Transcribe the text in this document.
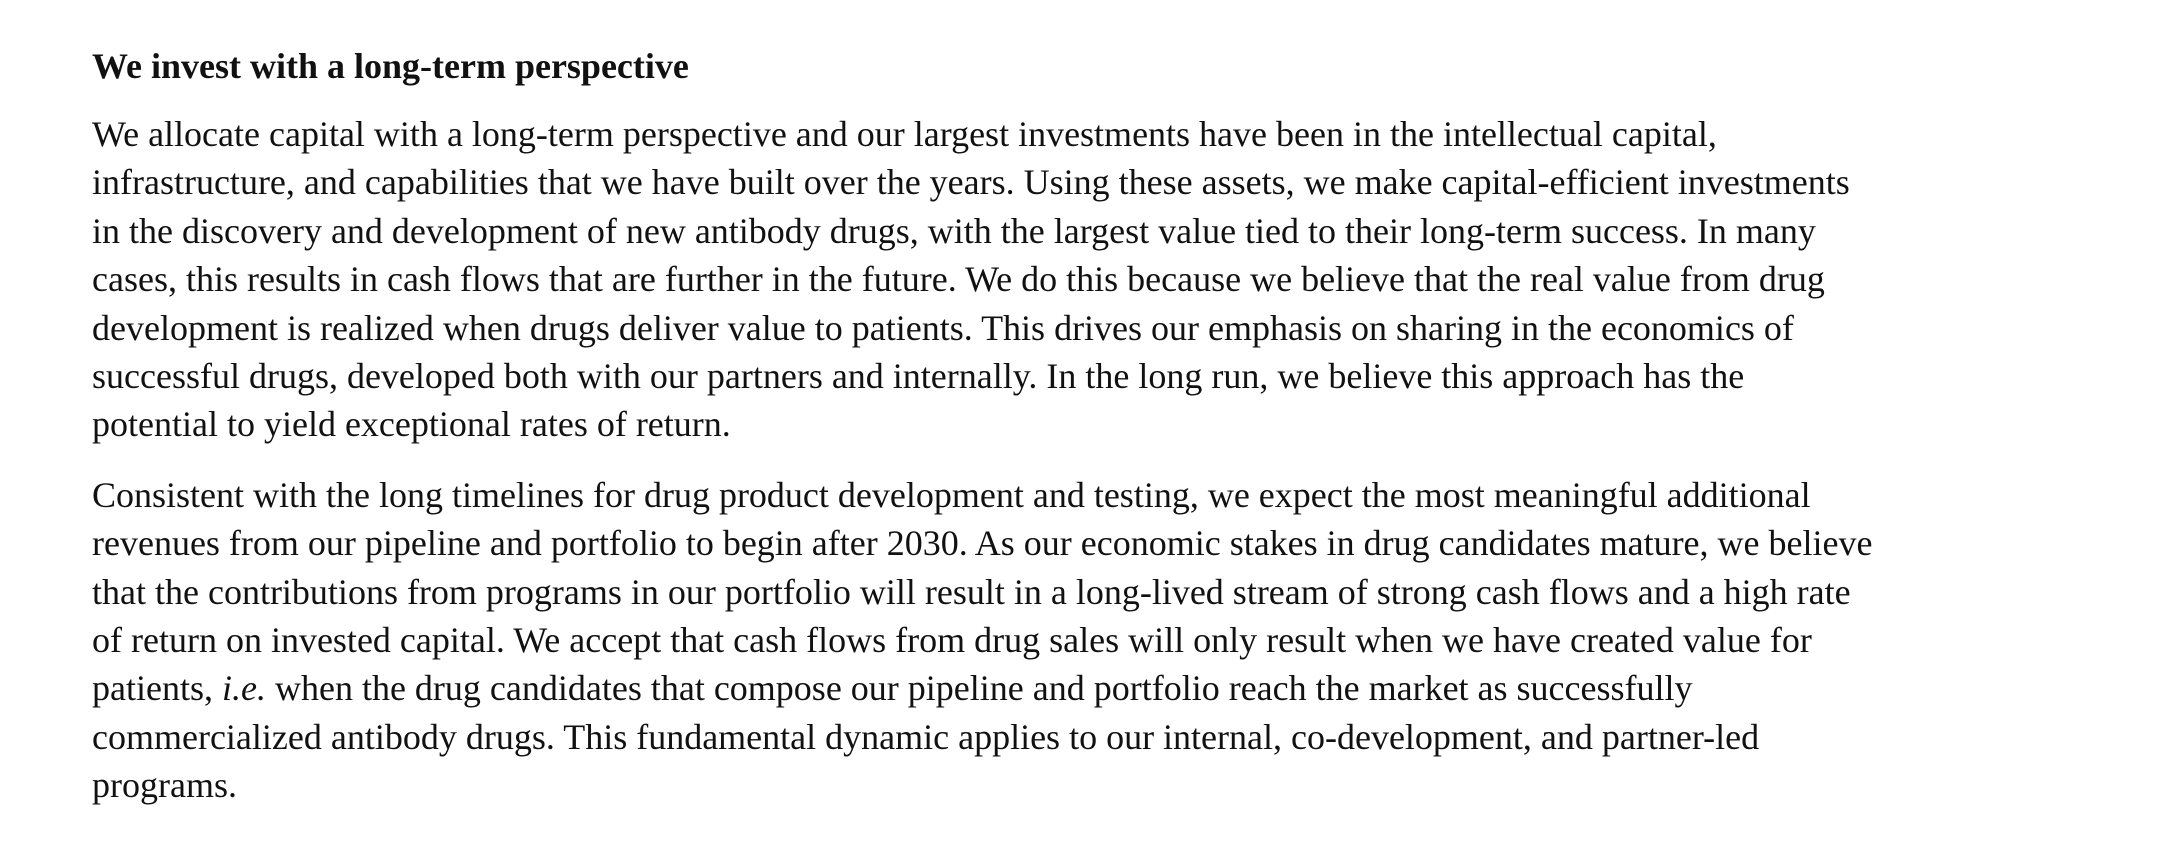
We invest with a long-term perspective
We allocate capital with a long-term perspective and our largest investments have been in the intellectual capital,
infrastructure, and capabilities that we have built over the years. Using these assets, we make capital-efficient investments
in the discovery and development of new antibody drugs, with the largest value tied to their long-term success. In many
cases, this results in cash flows that are further in the future. We do this because we believe that the real value from drug
development is realized when drugs deliver value to patients. This drives our emphasis on sharing in the economics of
successful drugs, developed both with our partners and internally. In the long run, we believe this approach has the
potential to yield exceptional rates of return.
Consistent with the long timelines for drug product development and testing, we expect the most meaningful additional
revenues from our pipeline and portfolio to begin after 2030. As our economic stakes in drug candidates mature, we believe
that the contributions from programs in our portfolio will result in a long-lived stream of strong cash flows and a high rate
of return on invested capital. We accept that cash flows from drug sales will only result when we have created value for
patients, i.e. when the drug candidates that compose our pipeline and portfolio reach the market as successfully
commercialized antibody drugs. This fundamental dynamic applies to our internal, co-development, and partner-led
programs.
